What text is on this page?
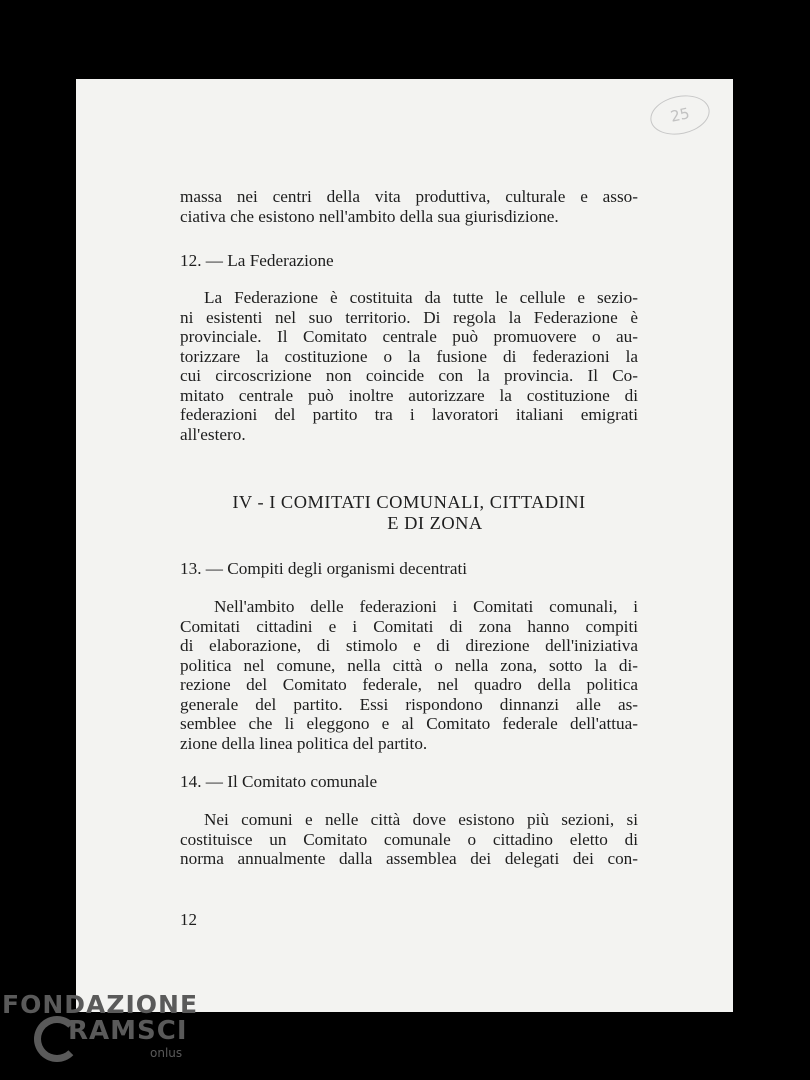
25
massa nei centri della vita produttiva, culturale e asso-
ciativa che esistono nell'ambito della sua giurisdizione.
12. — La Federazione
La Federazione è costituita da tutte le cellule e sezio-
ni esistenti nel suo territorio. Di regola la Federazione è
provinciale. Il Comitato centrale può promuovere o au-
torizzare la costituzione o la fusione di federazioni la
cui circoscrizione non coincide con la provincia. Il Co-
mitato centrale può inoltre autorizzare la costituzione di
federazioni del partito tra i lavoratori italiani emigrati
all'estero.
IV - I COMITATI COMUNALI, CITTADINI
E DI ZONA
13. — Compiti degli organismi decentrati
Nell'ambito delle federazioni i Comitati comunali, i
Comitati cittadini e i Comitati di zona hanno compiti
di elaborazione, di stimolo e di direzione dell'iniziativa
politica nel comune, nella città o nella zona, sotto la di-
rezione del Comitato federale, nel quadro della politica
generale del partito. Essi rispondono dinnanzi alle as-
semblee che li eleggono e al Comitato federale dell'attua-
zione della linea politica del partito.
14. — Il Comitato comunale
Nei comuni e nelle città dove esistono più sezioni, si
costituisce un Comitato comunale o cittadino eletto di
norma annualmente dalla assemblea dei delegati dei con-
12
FONDAZIONE
RAMSCI
onlus
